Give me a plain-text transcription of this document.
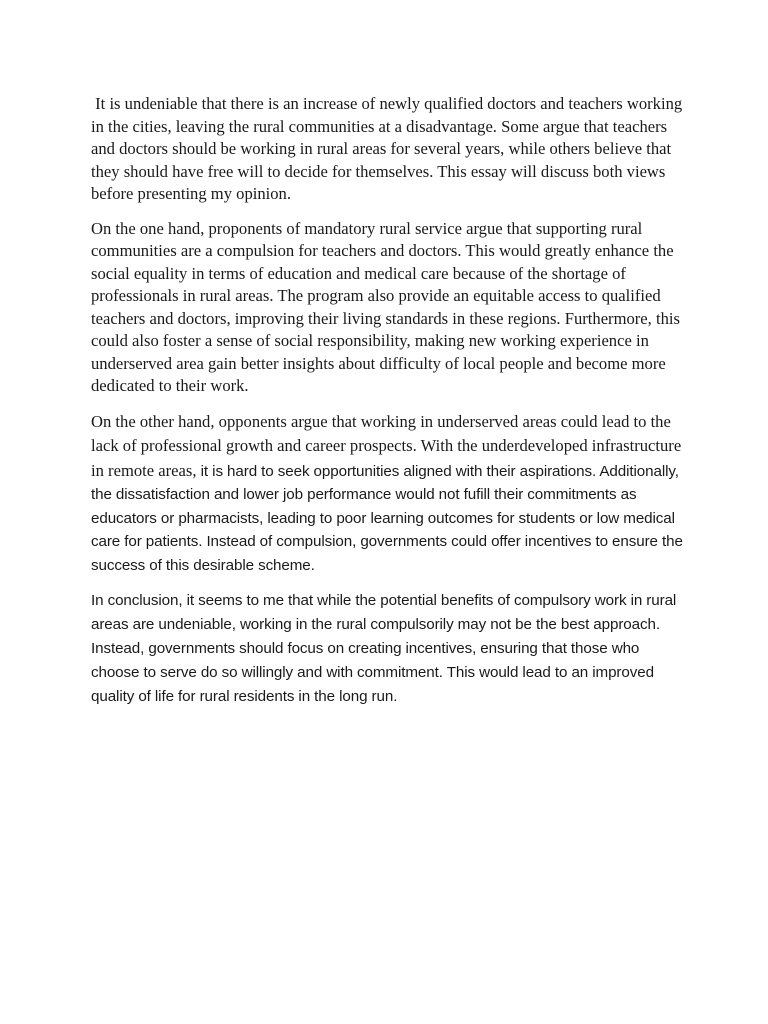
It is undeniable that there is an increase of newly qualified doctors and teachers working in the cities, leaving the rural communities at a disadvantage. Some argue that teachers and doctors should be working in rural areas for several years, while others believe that they should have free will to decide for themselves. This essay will discuss both views before presenting my opinion.

On the one hand, proponents of mandatory rural service argue that supporting rural communities are a compulsion for teachers and doctors. This would greatly enhance the social equality in terms of education and medical care because of the shortage of professionals in rural areas. The program also provide an equitable access to qualified teachers and doctors, improving their living standards in these regions. Furthermore, this could also foster a sense of social responsibility, making new working experience in underserved area gain better insights about difficulty of local people and become more dedicated to their work.

On the other hand, opponents argue that working in underserved areas could lead to the lack of professional growth and career prospects. With the underdeveloped infrastructure in remote areas, it is hard to seek opportunities aligned with their aspirations. Additionally, the dissatisfaction and lower job performance would not fufill their commitments as educators or pharmacists, leading to poor learning outcomes for students or low medical care for patients. Instead of compulsion, governments could offer incentives to ensure the success of this desirable scheme.

In conclusion, it seems to me that while the potential benefits of compulsory work in rural areas are undeniable, working in the rural compulsorily may not be the best approach. Instead, governments should focus on creating incentives, ensuring that those who choose to serve do so willingly and with commitment. This would lead to an improved quality of life for rural residents in the long run.
